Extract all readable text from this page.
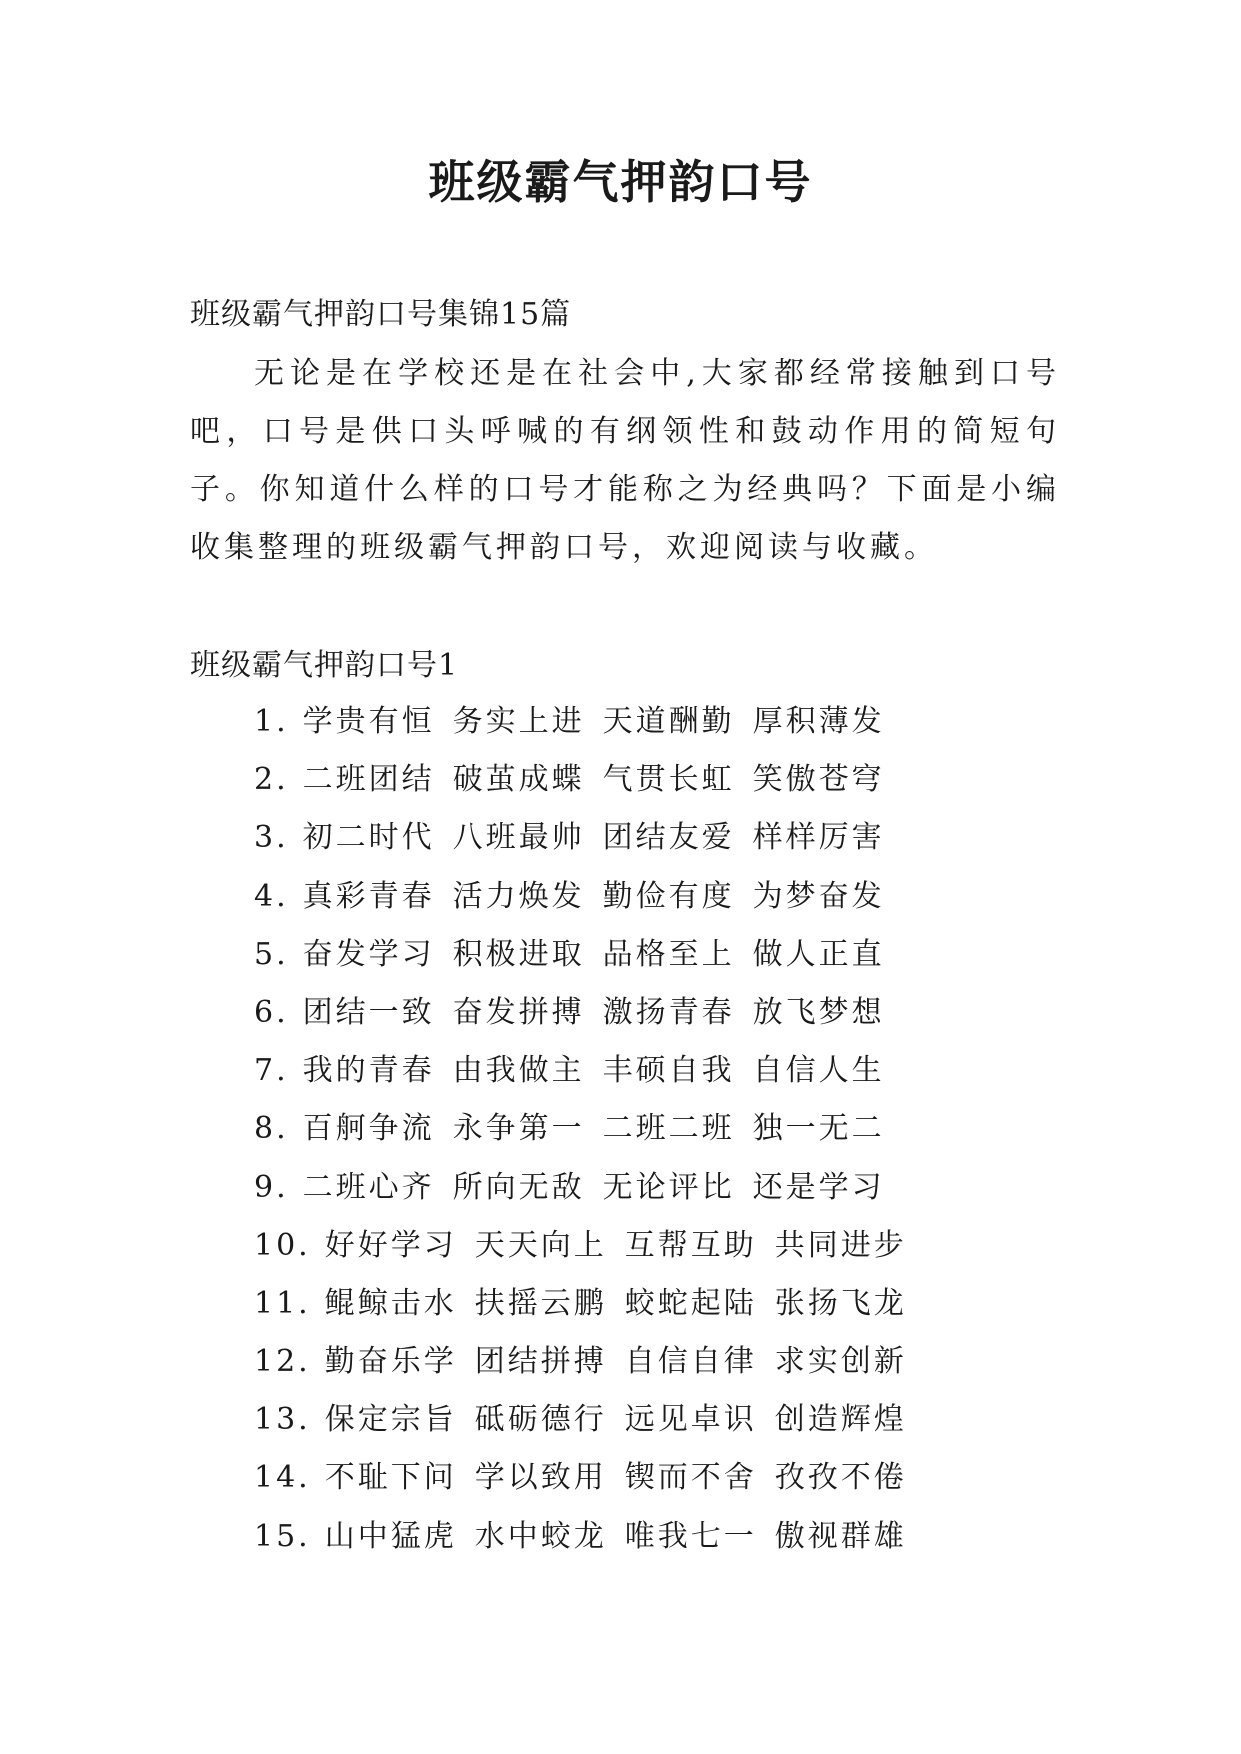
班级霸气押韵口号
班级霸气押韵口号集锦15篇

无论是在学校还是在社会中,大家都经常接触到口号吧，口号是供口头呼喊的有纲领性和鼓动作用的简短句子。你知道什么样的口号才能称之为经典吗？下面是小编收集整理的班级霸气押韵口号，欢迎阅读与收藏。

班级霸气押韵口号1
1. 学贵有恒 务实上进 天道酬勤 厚积薄发
2. 二班团结 破茧成蝶 气贯长虹 笑傲苍穹
3. 初二时代 八班最帅 团结友爱 样样厉害
4. 真彩青春 活力焕发 勤俭有度 为梦奋发
5. 奋发学习 积极进取 品格至上 做人正直
6. 团结一致 奋发拼搏 激扬青春 放飞梦想
7. 我的青春 由我做主 丰硕自我 自信人生
8. 百舸争流 永争第一 二班二班 独一无二
9. 二班心齐 所向无敌 无论评比 还是学习
10. 好好学习 天天向上 互帮互助 共同进步
11. 鲲鲸击水 扶摇云鹏 蛟蛇起陆 张扬飞龙
12. 勤奋乐学 团结拼搏 自信自律 求实创新
13. 保定宗旨 砥砺德行 远见卓识 创造辉煌
14. 不耻下问 学以致用 锲而不舍 孜孜不倦
15. 山中猛虎 水中蛟龙 唯我七一 傲视群雄
